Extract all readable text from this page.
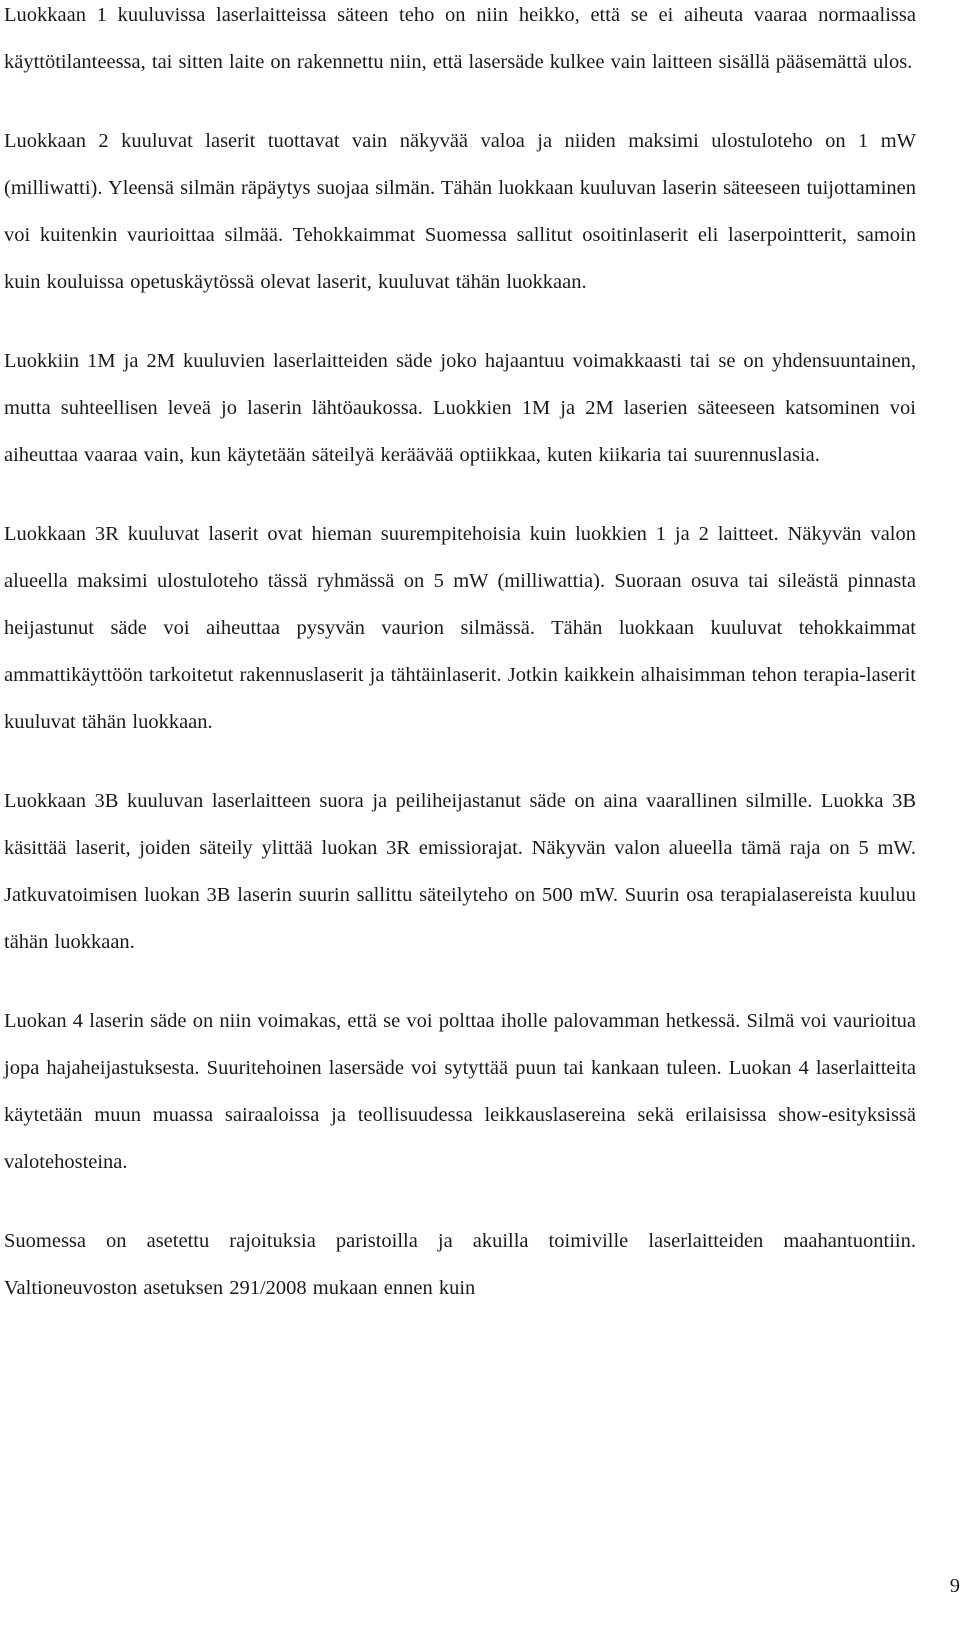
Luokkaan 1 kuuluvissa laserlaitteissa säteen teho on niin heikko, että se ei aiheuta vaaraa normaalissa käyttötilanteessa, tai sitten laite on rakennettu niin, että lasersäde kulkee vain laitteen sisällä pääsemättä ulos.

Luokkaan 2 kuuluvat laserit tuottavat vain näkyvää valoa ja niiden maksimi ulostuloteho on 1 mW (milliwatti). Yleensä silmän räpäytys suojaa silmän. Tähän luokkaan kuuluvan laserin säteeseen tuijottaminen voi kuitenkin vaurioittaa silmää. Tehokkaimmat Suomessa sallitut osoitinlaserit eli laserpointterit, samoin kuin kouluissa opetuskäytössä olevat laserit, kuuluvat tähän luokkaan.

Luokkiin 1M ja 2M kuuluvien laserlaitteiden säde joko hajaantuu voimakkaasti tai se on yhdensuuntainen, mutta suhteellisen leveä jo laserin lähtöaukossa. Luokkien 1M ja 2M laserien säteeseen katsominen voi aiheuttaa vaaraa vain, kun käytetään säteilyä keräävää optiikkaa, kuten kiikaria tai suurennuslasia.

Luokkaan 3R kuuluvat laserit ovat hieman suurempitehoisia kuin luokkien 1 ja 2 laitteet. Näkyvän valon alueella maksimi ulostuloteho tässä ryhmässä on 5 mW (milliwattia). Suoraan osuva tai sileästä pinnasta heijastunut säde voi aiheuttaa pysyvän vaurion silmässä. Tähän luokkaan kuuluvat tehokkaimmat ammattikäyttöön tarkoitetut rakennuslaserit ja tähtäinlaserit. Jotkin kaikkein alhaisimman tehon terapia-laserit kuuluvat tähän luokkaan.

Luokkaan 3B kuuluvan laserlaitteen suora ja peiliheijastanut säde on aina vaarallinen silmille. Luokka 3B käsittää laserit, joiden säteily ylittää luokan 3R emissiorajat. Näkyvän valon alueella tämä raja on 5 mW. Jatkuvatoimisen luokan 3B laserin suurin sallittu säteilyteho on 500 mW. Suurin osa terapialasereista kuuluu tähän luokkaan.

Luokan 4 laserin säde on niin voimakas, että se voi polttaa iholle palovamman hetkessä. Silmä voi vaurioitua jopa hajaheijastuksesta. Suuritehoinen lasersäde voi sytyttää puun tai kankaan tuleen. Luokan 4 laserlaitteita käytetään muun muassa sairaaloissa ja teollisuudessa leikkauslasereina sekä erilaisissa show-esityksissä valotehosteina.

Suomessa on asetettu rajoituksia paristoilla ja akuilla toimiville laserlaitteiden maahantuontiin. Valtioneuvoston asetuksen 291/2008 mukaan ennen kuin

9
